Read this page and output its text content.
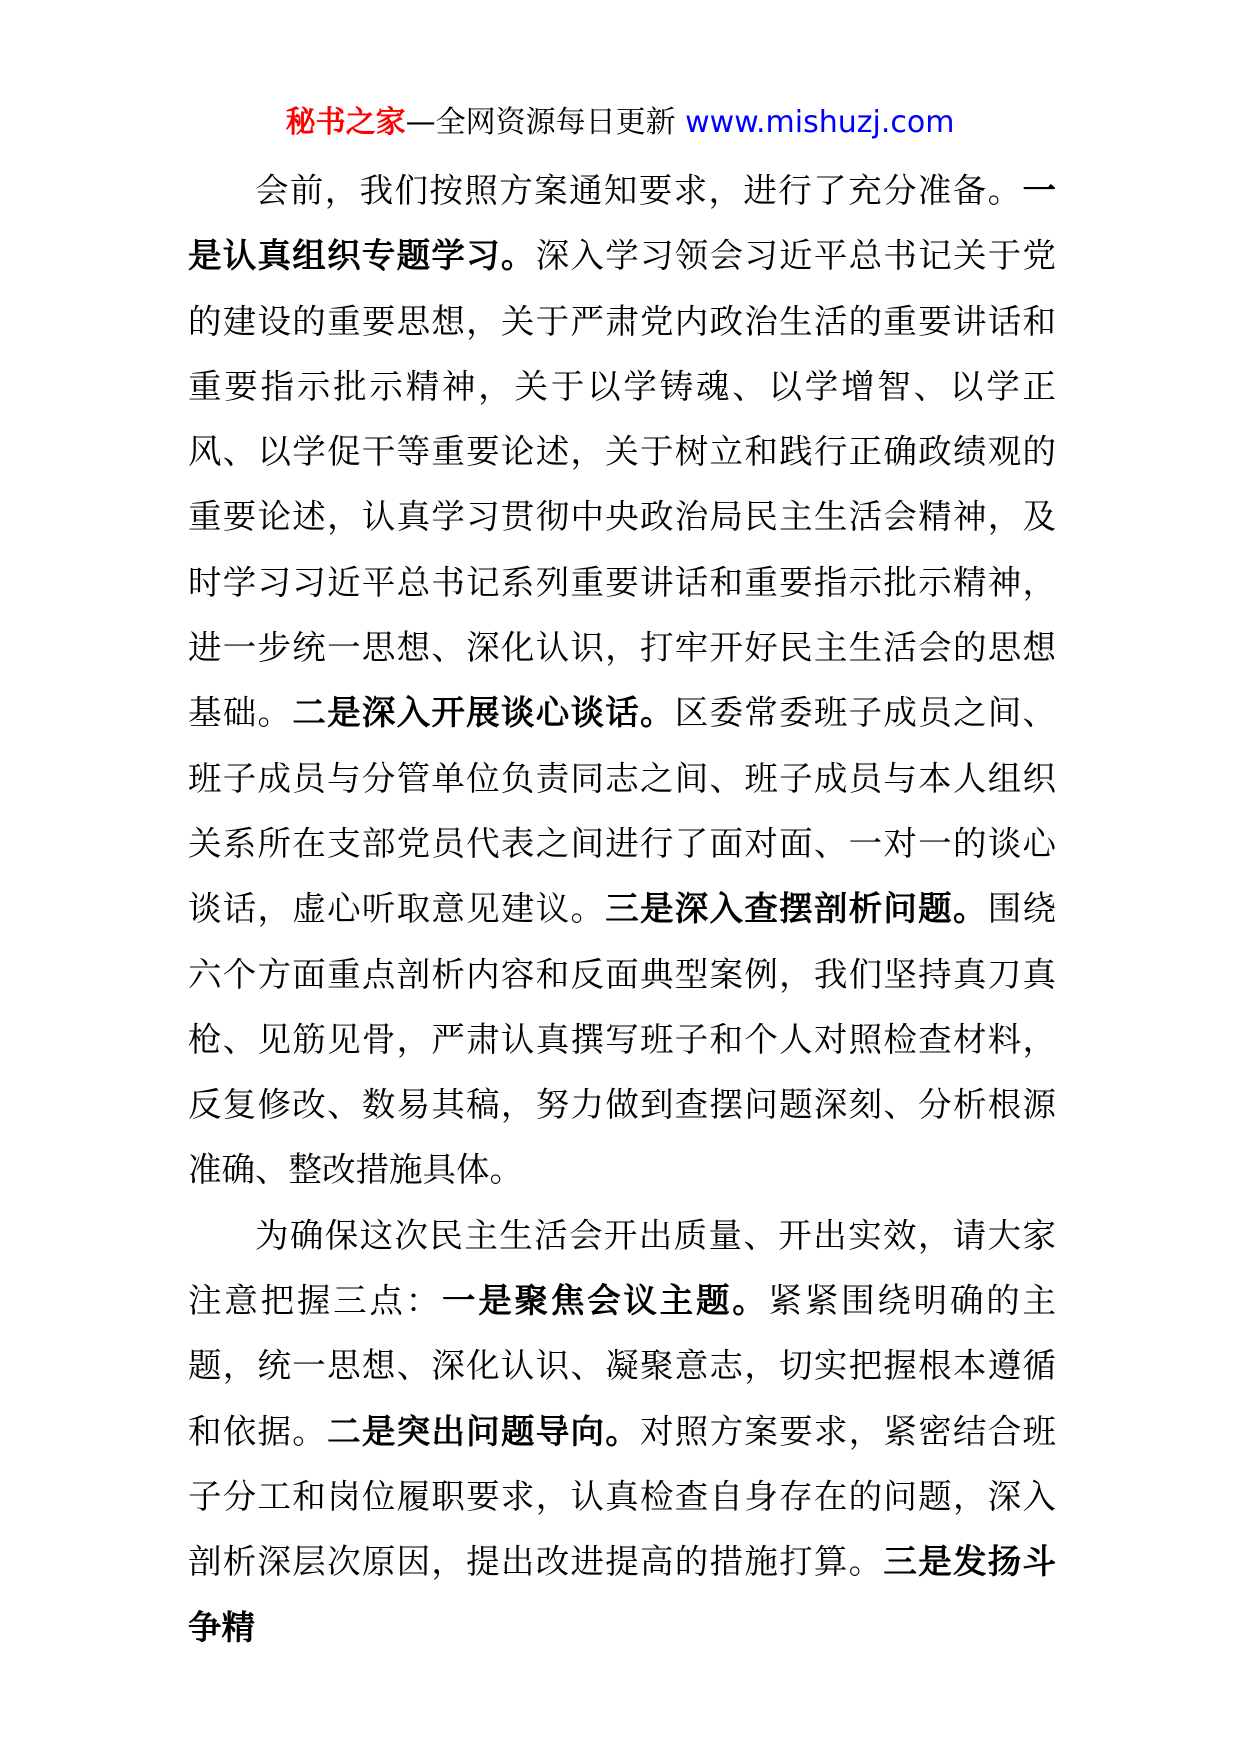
秘书之家—全网资源每日更新 www.mishuzj.com

会前，我们按照方案通知要求，进行了充分准备。一是认真组织专题学习。深入学习领会习近平总书记关于党的建设的重要思想，关于严肃党内政治生活的重要讲话和重要指示批示精神，关于以学铸魂、以学增智、以学正风、以学促干等重要论述，关于树立和践行正确政绩观的重要论述，认真学习贯彻中央政治局民主生活会精神，及时学习习近平总书记系列重要讲话和重要指示批示精神，进一步统一思想、深化认识，打牢开好民主生活会的思想基础。二是深入开展谈心谈话。区委常委班子成员之间、班子成员与分管单位负责同志之间、班子成员与本人组织关系所在支部党员代表之间进行了面对面、一对一的谈心谈话，虚心听取意见建议。三是深入查摆剖析问题。围绕六个方面重点剖析内容和反面典型案例，我们坚持真刀真枪、见筋见骨，严肃认真撰写班子和个人对照检查材料，反复修改、数易其稿，努力做到查摆问题深刻、分析根源准确、整改措施具体。

为确保这次民主生活会开出质量、开出实效，请大家注意把握三点：一是聚焦会议主题。紧紧围绕明确的主题，统一思想、深化认识、凝聚意志，切实把握根本遵循和依据。二是突出问题导向。对照方案要求，紧密结合班子分工和岗位履职要求，认真检查自身存在的问题，深入剖析深层次原因，提出改进提高的措施打算。三是发扬斗争精
